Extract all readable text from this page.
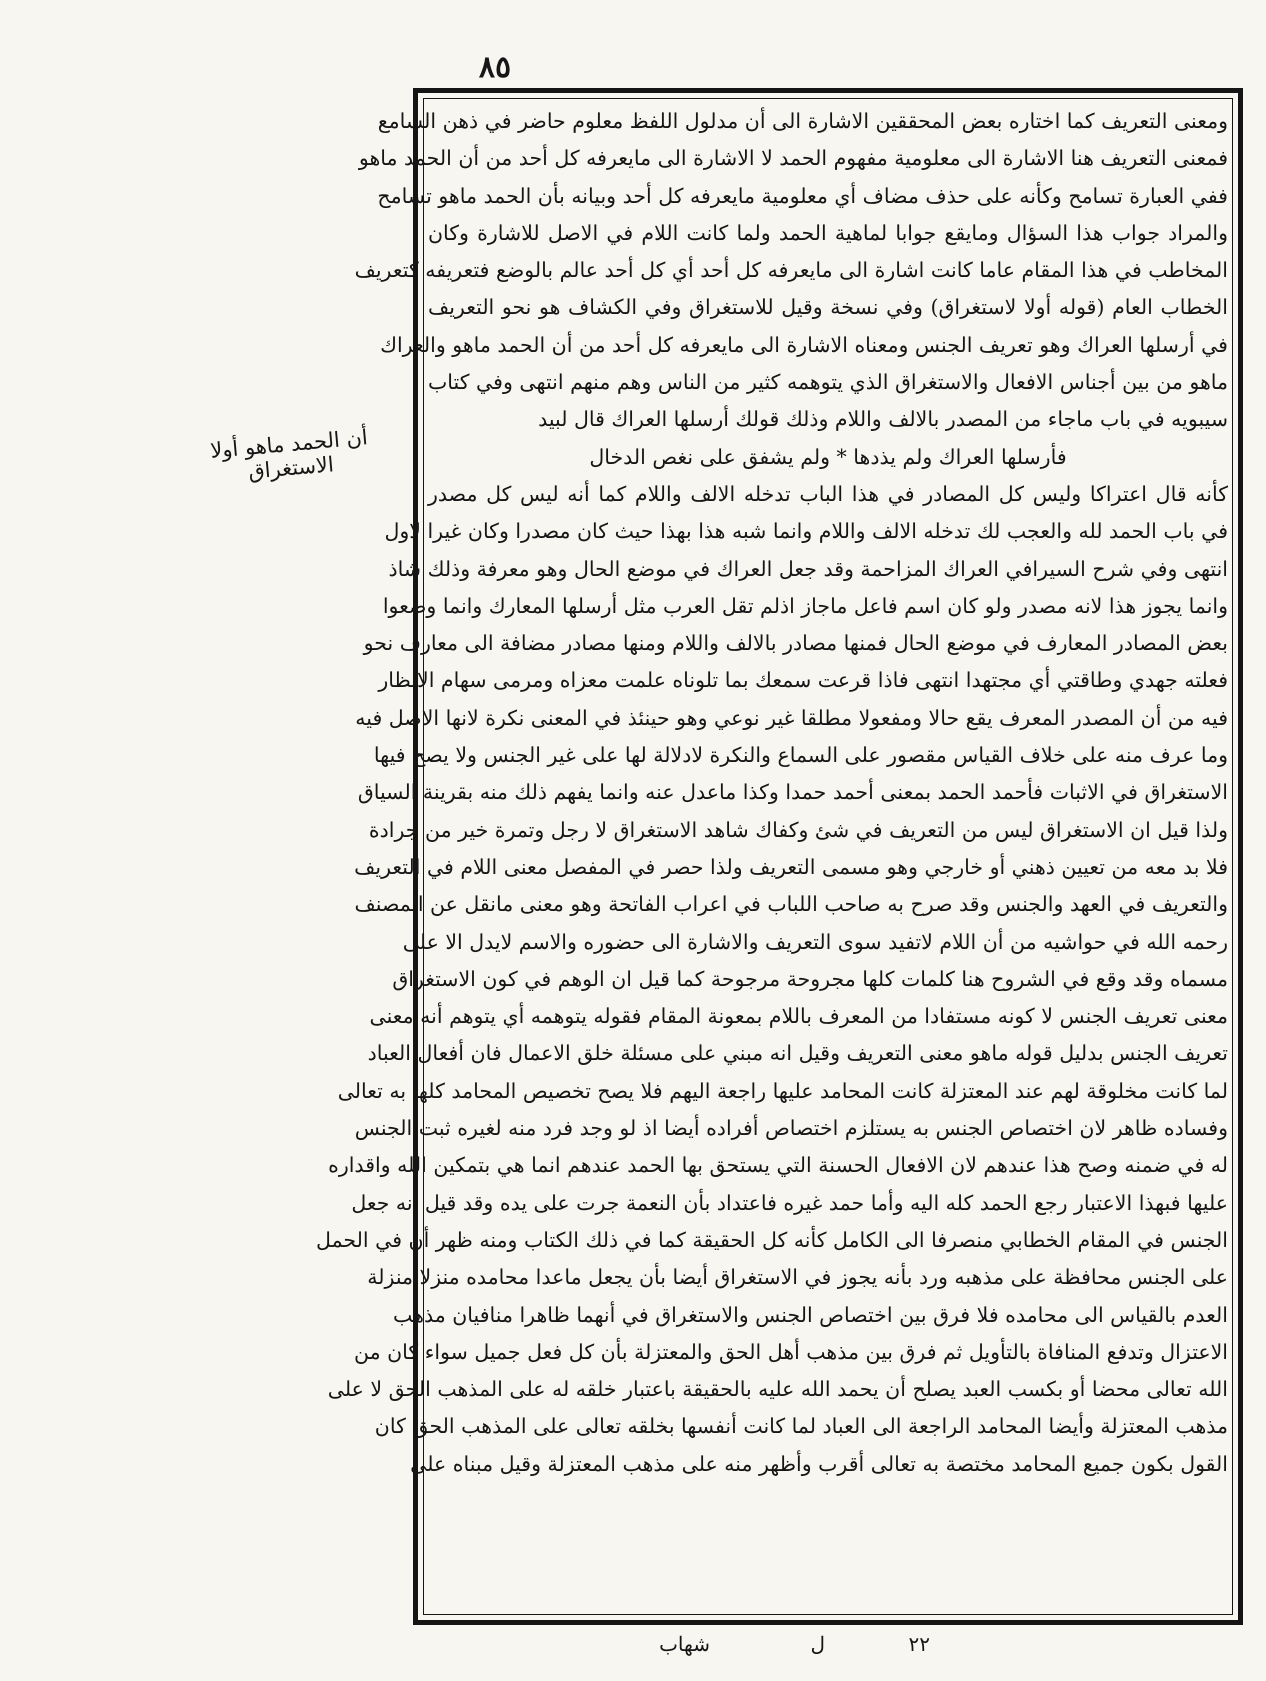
٨٥
أن الحمد ماهو أولا الاستغراق
ومعنى التعريف كما اختاره بعض المحققين الاشارة الى أن مدلول اللفظ معلوم حاضر في ذهن السامع
فمعنى التعريف هنا الاشارة الى معلومية مفهوم الحمد لا الاشارة الى مايعرفه كل أحد من أن الحمد ماهو
ففي العبارة تسامح وكأنه على حذف مضاف أي معلومية مايعرفه كل أحد وبيانه بأن الحمد ماهو تسامح
والمراد جواب هذا السؤال ومايقع جوابا لماهية الحمد ولما كانت اللام في الاصل للاشارة وكان
المخاطب في هذا المقام عاما كانت اشارة الى مايعرفه كل أحد أي كل أحد عالم بالوضع فتعريفه كتعريف
الخطاب العام (قوله أولا لاستغراق) وفي نسخة وقيل للاستغراق وفي الكشاف هو نحو التعريف
في أرسلها العراك وهو تعريف الجنس ومعناه الاشارة الى مايعرفه كل أحد من أن الحمد ماهو والعراك
ماهو من بين أجناس الافعال والاستغراق الذي يتوهمه كثير من الناس وهم منهم انتهى وفي كتاب
سيبويه في باب ماجاء من المصدر بالالف واللام وذلك قولك أرسلها العراك قال لبيد
فأرسلها العراك ولم يذدها * ولم يشفق على نغص الدخال
كأنه قال اعتراكا وليس كل المصادر في هذا الباب تدخله الالف واللام كما أنه ليس كل مصدر
في باب الحمد لله والعجب لك تدخله الالف واللام وانما شبه هذا بهذا حيث كان مصدرا وكان غيرا لاول
انتهى وفي شرح السيرافي العراك المزاحمة وقد جعل العراك في موضع الحال وهو معرفة وذلك شاذ
وانما يجوز هذا لانه مصدر ولو كان اسم فاعل ماجاز اذلم تقل العرب مثل أرسلها المعارك وانما وضعوا
بعض المصادر المعارف في موضع الحال فمنها مصادر بالالف واللام ومنها مصادر مضافة الى معارف نحو
فعلته جهدي وطاقتي أي مجتهدا انتهى فاذا قرعت سمعك بما تلوناه علمت معزاه ومرمى سهام الانظار
فيه من أن المصدر المعرف يقع حالا ومفعولا مطلقا غير نوعي وهو حينئذ في المعنى نكرة لانها الاصل فيه
وما عرف منه على خلاف القياس مقصور على السماع والنكرة لادلالة لها على غير الجنس ولا يصح فيها
الاستغراق في الاثبات فأحمد الحمد بمعنى أحمد حمدا وكذا ماعدل عنه وانما يفهم ذلك منه بقرينة السياق
ولذا قيل ان الاستغراق ليس من التعريف في شئ وكفاك شاهد الاستغراق لا رجل وتمرة خير من جرادة
فلا بد معه من تعيين ذهني أو خارجي وهو مسمى التعريف ولذا حصر في المفصل معنى اللام في التعريف
والتعريف في العهد والجنس وقد صرح به صاحب اللباب في اعراب الفاتحة وهو معنى مانقل عن المصنف
رحمه الله في حواشيه من أن اللام لاتفيد سوى التعريف والاشارة الى حضوره والاسم لايدل الا على
مسماه وقد وقع في الشروح هنا كلمات كلها مجروحة مرجوحة كما قيل ان الوهم في كون الاستغراق
معنى تعريف الجنس لا كونه مستفادا من المعرف باللام بمعونة المقام فقوله يتوهمه أي يتوهم أنه معنى
تعريف الجنس بدليل قوله ماهو معنى التعريف وقيل انه مبني على مسئلة خلق الاعمال فان أفعال العباد
لما كانت مخلوقة لهم عند المعتزلة كانت المحامد عليها راجعة اليهم فلا يصح تخصيص المحامد كلها به تعالى
وفساده ظاهر لان اختصاص الجنس به يستلزم اختصاص أفراده أيضا اذ لو وجد فرد منه لغيره ثبت الجنس
له في ضمنه وصح هذا عندهم لان الافعال الحسنة التي يستحق بها الحمد عندهم انما هي بتمكين الله واقداره
عليها فبهذا الاعتبار رجع الحمد كله اليه وأما حمد غيره فاعتداد بأن النعمة جرت على يده وقد قيل انه جعل
الجنس في المقام الخطابي منصرفا الى الكامل كأنه كل الحقيقة كما في ذلك الكتاب ومنه ظهر أن في الحمل
على الجنس محافظة على مذهبه ورد بأنه يجوز في الاستغراق أيضا بأن يجعل ماعدا محامده منزلا منزلة
العدم بالقياس الى محامده فلا فرق بين اختصاص الجنس والاستغراق في أنهما ظاهرا منافيان مذهب
الاعتزال وتدفع المنافاة بالتأويل ثم فرق بين مذهب أهل الحق والمعتزلة بأن كل فعل جميل سواء كان من
الله تعالى محضا أو بكسب العبد يصلح أن يحمد الله عليه بالحقيقة باعتبار خلقه له على المذهب الحق لا على
مذهب المعتزلة وأيضا المحامد الراجعة الى العباد لما كانت أنفسها بخلقه تعالى على المذهب الحق كان
القول بكون جميع المحامد مختصة به تعالى أقرب وأظهر منه على مذهب المعتزلة وقيل مبناه على
٢٢
ل
شهاب
